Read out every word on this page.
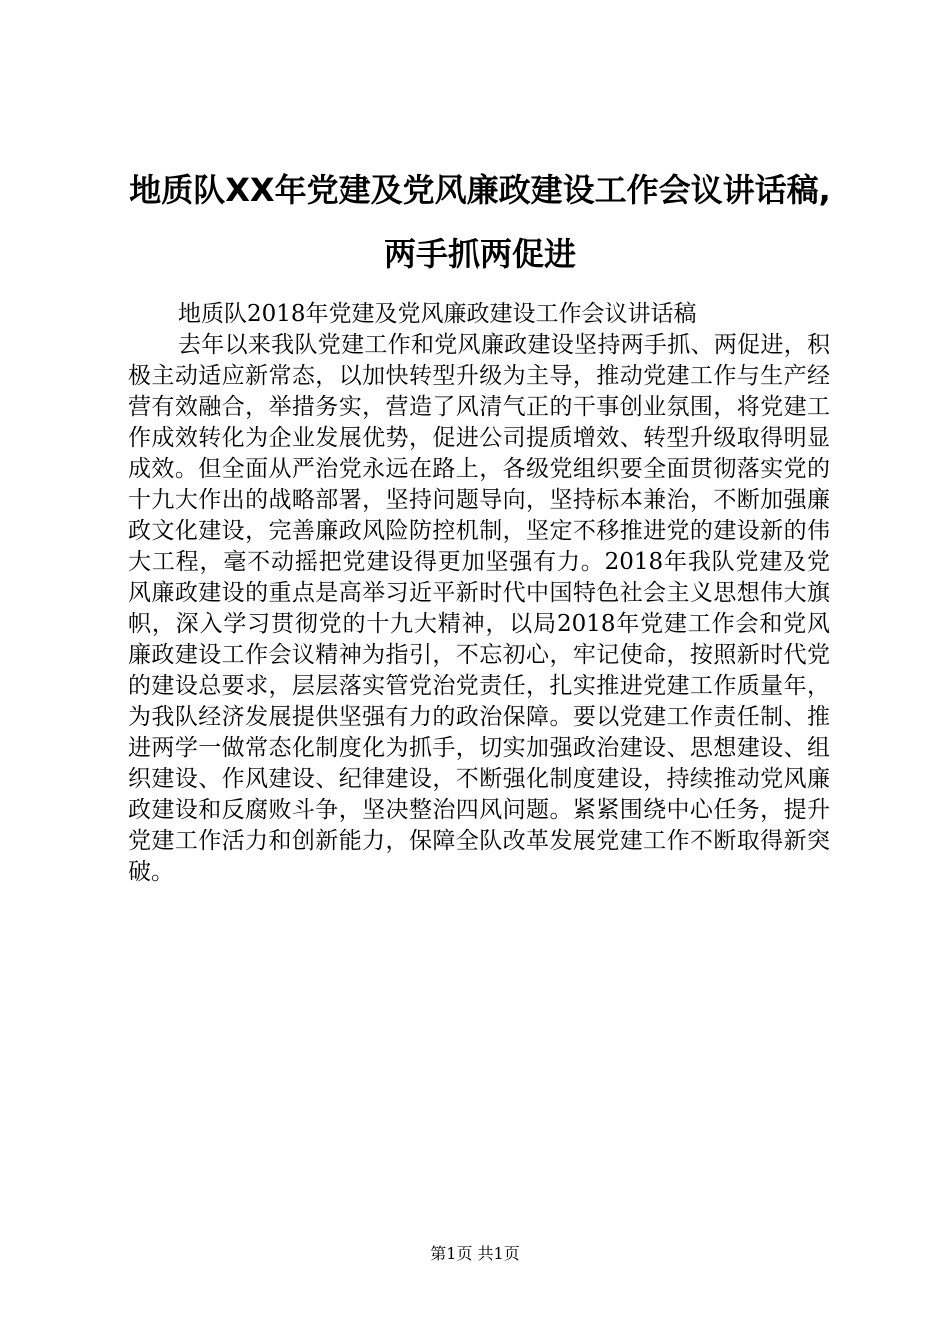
地质队XX年党建及党风廉政建设工作会议讲话稿,两手抓两促进

地质队2018年党建及党风廉政建设工作会议讲话稿

去年以来我队党建工作和党风廉政建设坚持两手抓、两促进，积极主动适应新常态，以加快转型升级为主导，推动党建工作与生产经营有效融合，举措务实，营造了风清气正的干事创业氛围，将党建工作成效转化为企业发展优势，促进公司提质增效、转型升级取得明显成效。但全面从严治党永远在路上，各级党组织要全面贯彻落实党的十九大作出的战略部署，坚持问题导向，坚持标本兼治，不断加强廉政文化建设，完善廉政风险防控机制，坚定不移推进党的建设新的伟大工程，毫不动摇把党建设得更加坚强有力。2018年我队党建及党风廉政建设的重点是高举习近平新时代中国特色社会主义思想伟大旗帜，深入学习贯彻党的十九大精神，以局2018年党建工作会和党风廉政建设工作会议精神为指引，不忘初心，牢记使命，按照新时代党的建设总要求，层层落实管党治党责任，扎实推进党建工作质量年，为我队经济发展提供坚强有力的政治保障。要以党建工作责任制、推进两学一做常态化制度化为抓手，切实加强政治建设、思想建设、组织建设、作风建设、纪律建设，不断强化制度建设，持续推动党风廉政建设和反腐败斗争，坚决整治四风问题。紧紧围绕中心任务，提升党建工作活力和创新能力，保障全队改革发展党建工作不断取得新突破。

第1页 共1页
